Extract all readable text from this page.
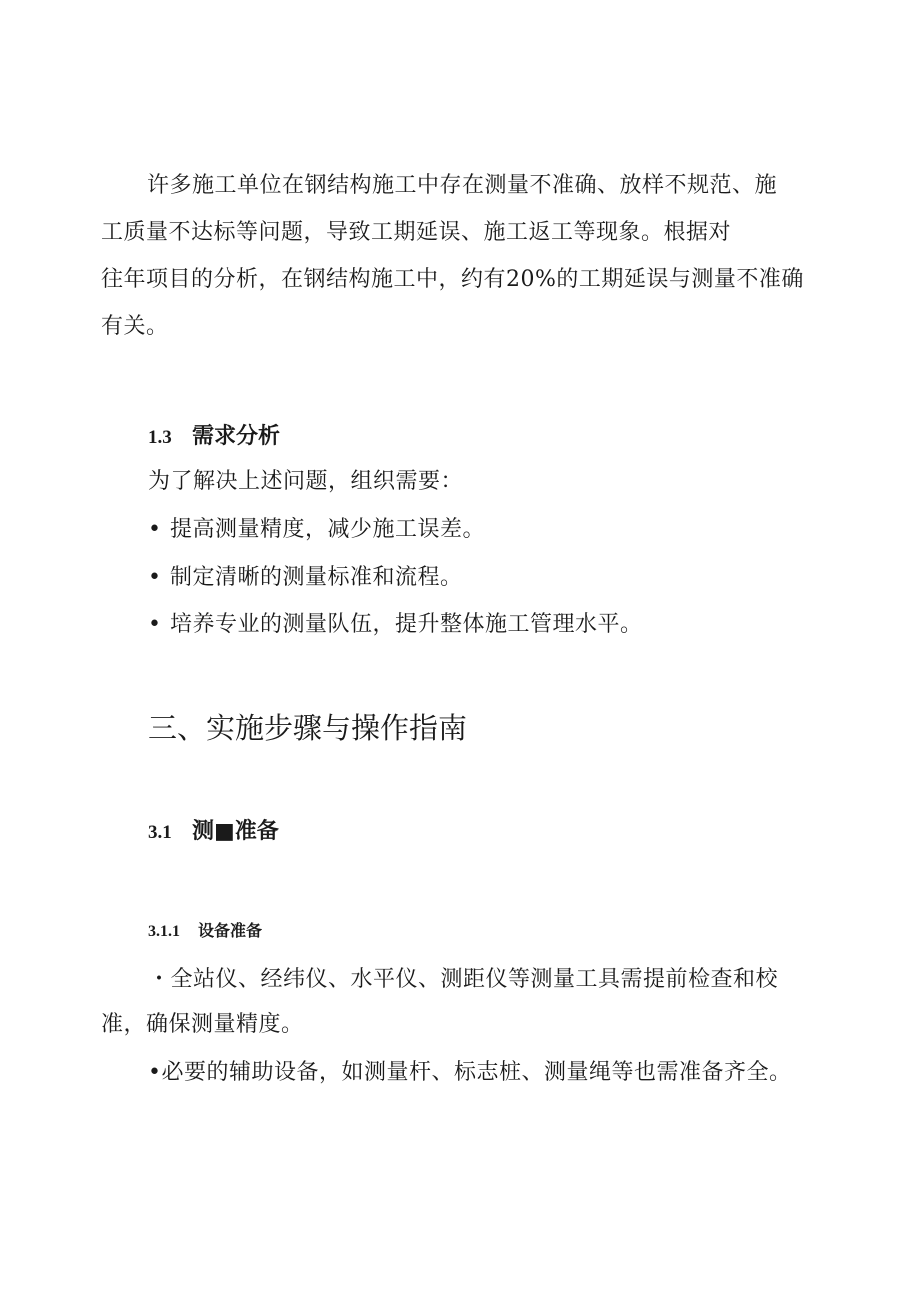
许多施工单位在钢结构施工中存在测量不准确、放样不规范、施
工质量不达标等问题，导致工期延误、施工返工等现象。根据对
往年项目的分析，在钢结构施工中，约有20%的工期延误与测量不准确
有关。

1.3 需求分析

为了解决上述问题，组织需要：

• 提高测量精度，减少施工误差。
• 制定清晰的测量标准和流程。
• 培养专业的测量队伍，提升整体施工管理水平。
三、实施步骤与操作指南
3.1 测■准备
3.1.1 设备准备

・全站仪、经纬仪、水平仪、测距仪等测量工具需提前检查和校

准，确保测量精度。

•必要的辅助设备，如测量杆、标志桩、测量绳等也需准备齐全。
